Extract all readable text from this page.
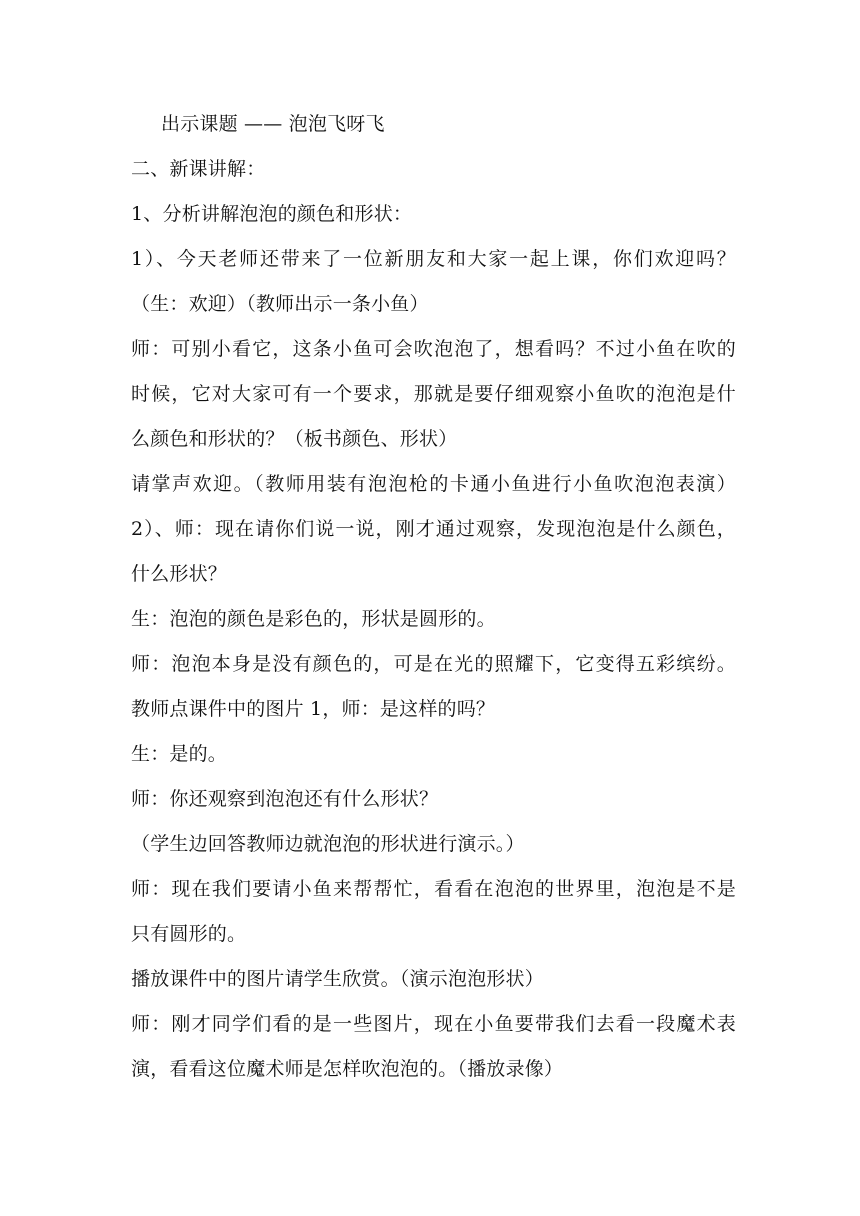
出示课题 —— 泡泡飞呀飞

二、新课讲解：

1、分析讲解泡泡的颜色和形状：

1）、今天老师还带来了一位新朋友和大家一起上课，你们欢迎吗？

（生：欢迎）（教师出示一条小鱼）

师：可别小看它，这条小鱼可会吹泡泡了，想看吗？不过小鱼在吹的

时候，它对大家可有一个要求，那就是要仔细观察小鱼吹的泡泡是什

么颜色和形状的？（板书颜色、形状）

请掌声欢迎。（教师用装有泡泡枪的卡通小鱼进行小鱼吹泡泡表演）

2）、师：现在请你们说一说，刚才通过观察，发现泡泡是什么颜色，

什么形状？

生：泡泡的颜色是彩色的，形状是圆形的。

师：泡泡本身是没有颜色的，可是在光的照耀下，它变得五彩缤纷。

教师点课件中的图片 1，师：是这样的吗？

生：是的。

师：你还观察到泡泡还有什么形状？

（学生边回答教师边就泡泡的形状进行演示。）

师：现在我们要请小鱼来帮帮忙，看看在泡泡的世界里，泡泡是不是

只有圆形的。

播放课件中的图片请学生欣赏。（演示泡泡形状）

师：刚才同学们看的是一些图片，现在小鱼要带我们去看一段魔术表

演，看看这位魔术师是怎样吹泡泡的。（播放录像）
